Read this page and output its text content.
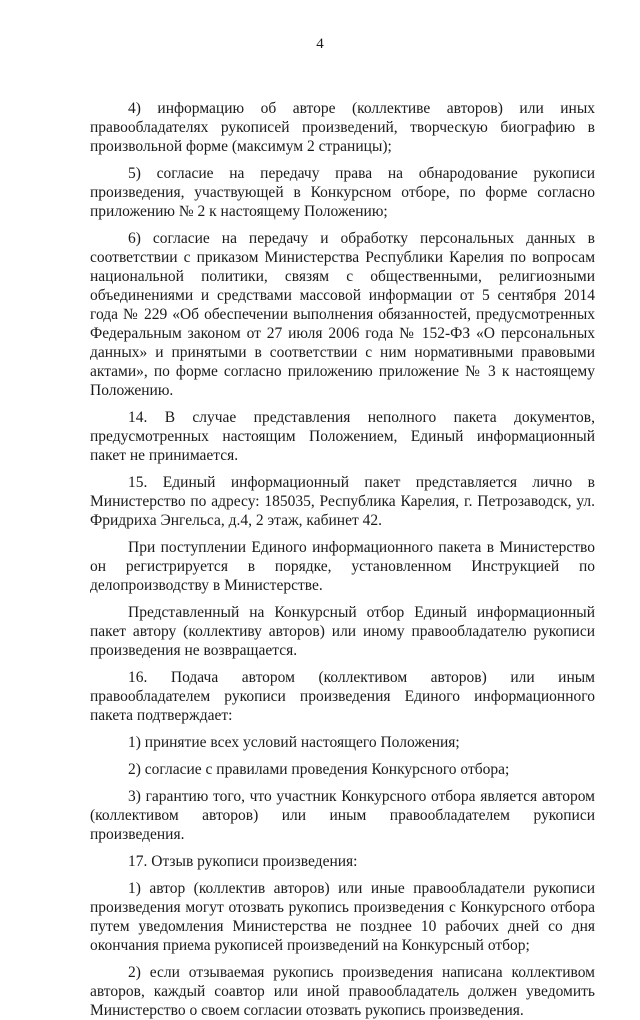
4

4) информацию об авторе (коллективе авторов) или иных правообладателях рукописей произведений, творческую биографию в произвольной форме (максимум 2 страницы);

5) согласие на передачу права на обнародование рукописи произведения, участвующей в Конкурсном отборе, по форме согласно приложению № 2 к настоящему Положению;

6) согласие на передачу и обработку персональных данных в соответствии с приказом Министерства Республики Карелия по вопросам национальной политики, связям с общественными, религиозными объединениями и средствами массовой информации от 5 сентября 2014 года № 229 «Об обеспечении выполнения обязанностей, предусмотренных Федеральным законом от 27 июля 2006 года № 152-ФЗ «О персональных данных» и принятыми в соответствии с ним нормативными правовыми актами», по форме согласно приложению приложение № 3 к настоящему Положению.

14. В случае представления неполного пакета документов, предусмотренных настоящим Положением, Единый информационный пакет не принимается.

15. Единый информационный пакет представляется лично в Министерство по адресу: 185035, Республика Карелия, г. Петрозаводск, ул. Фридриха Энгельса, д.4, 2 этаж, кабинет 42.

При поступлении Единого информационного пакета в Министерство он регистрируется в порядке, установленном Инструкцией по делопроизводству в Министерстве.

Представленный на Конкурсный отбор Единый информационный пакет автору (коллективу авторов) или иному правообладателю рукописи произведения не возвращается.

16. Подача автором (коллективом авторов) или иным правообладателем рукописи произведения Единого информационного пакета подтверждает:

1) принятие всех условий настоящего Положения;

2) согласие с правилами проведения Конкурсного отбора;

3) гарантию того, что участник Конкурсного отбора является автором (коллективом авторов) или иным правообладателем рукописи произведения.

17. Отзыв рукописи произведения:

1) автор (коллектив авторов) или иные правообладатели рукописи произведения могут отозвать рукопись произведения с Конкурсного отбора путем уведомления Министерства не позднее 10 рабочих дней со дня окончания приема рукописей произведений на Конкурсный отбор;

2) если отзываемая рукопись произведения написана коллективом авторов, каждый соавтор или иной правообладатель должен уведомить Министерство о своем согласии отозвать рукопись произведения.
